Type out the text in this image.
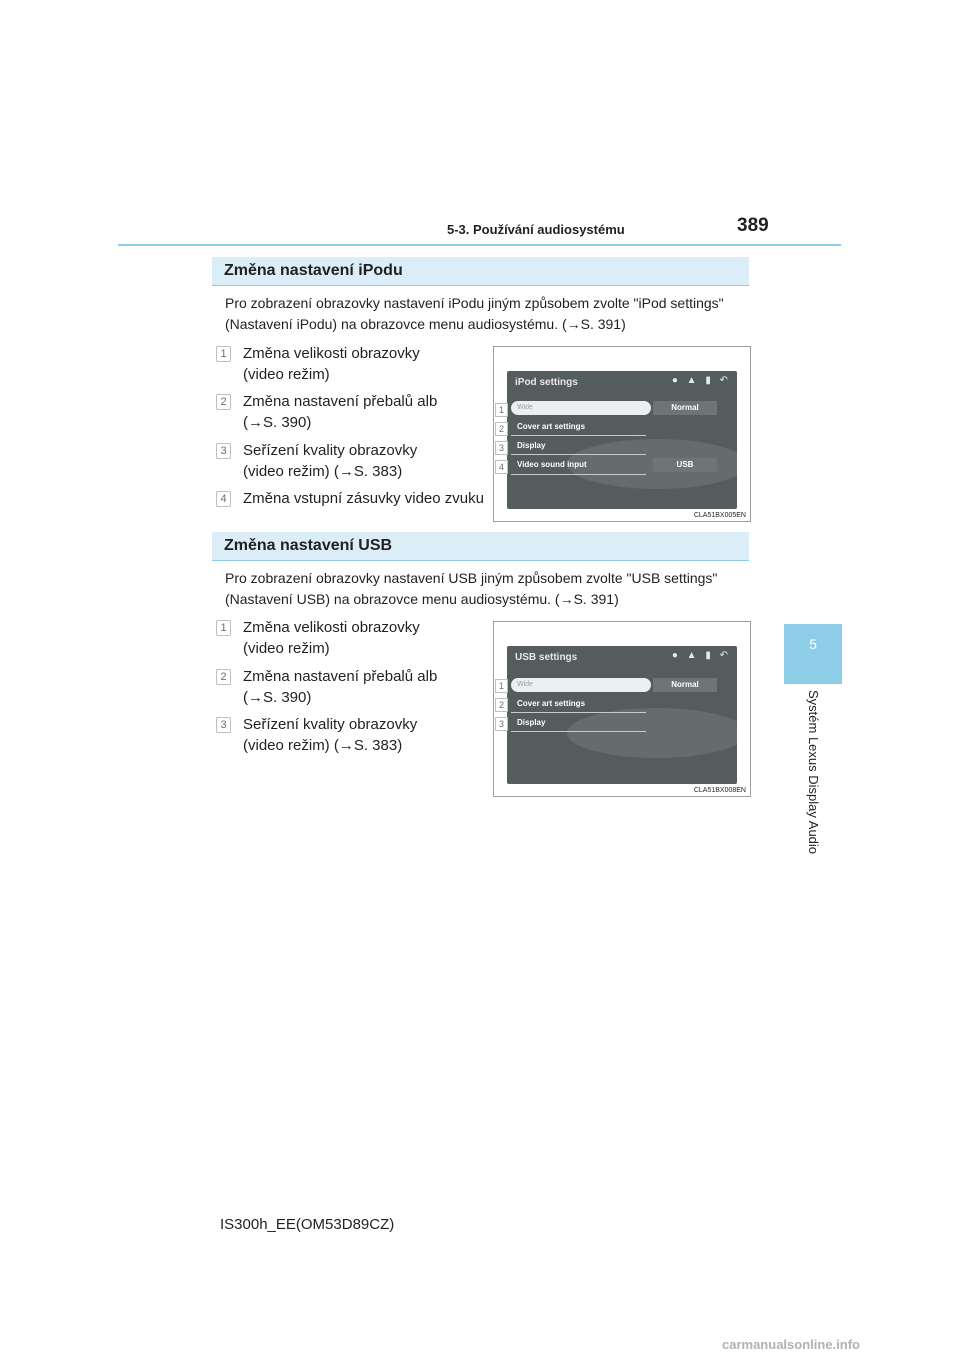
5-3. Používání audiosystému	389
5
Systém Lexus Display Audio
Změna nastavení iPodu
Pro zobrazení obrazovky nastavení iPodu jiným způsobem zvolte "iPod settings" (Nastavení iPodu) na obrazovce menu audiosystému. (→S. 391)
1 Změna velikosti obrazovky
(video režim)
2 Změna nastavení přebalů alb
(→S. 390)
3 Seřízení kvality obrazovky
(video režim) (→S. 383)
4 Změna vstupní zásuvky video zvuku
iPod settings	● ▲ ▮ ↶
Wide	Normal
Cover art settings
Display
Video sound input	USB
1
2
3
4
CLA51BX005EN
Změna nastavení USB
Pro zobrazení obrazovky nastavení USB jiným způsobem zvolte "USB settings" (Nastavení USB) na obrazovce menu audiosystému. (→S. 391)
1 Změna velikosti obrazovky
(video režim)
2 Změna nastavení přebalů alb
(→S. 390)
3 Seřízení kvality obrazovky
(video režim) (→S. 383)
USB settings	● ▲ ▮ ↶
Wide	Normal
Cover art settings
Display
1
2
3
CLA51BX008EN
IS300h_EE(OM53D89CZ)
carmanualsonline.info
